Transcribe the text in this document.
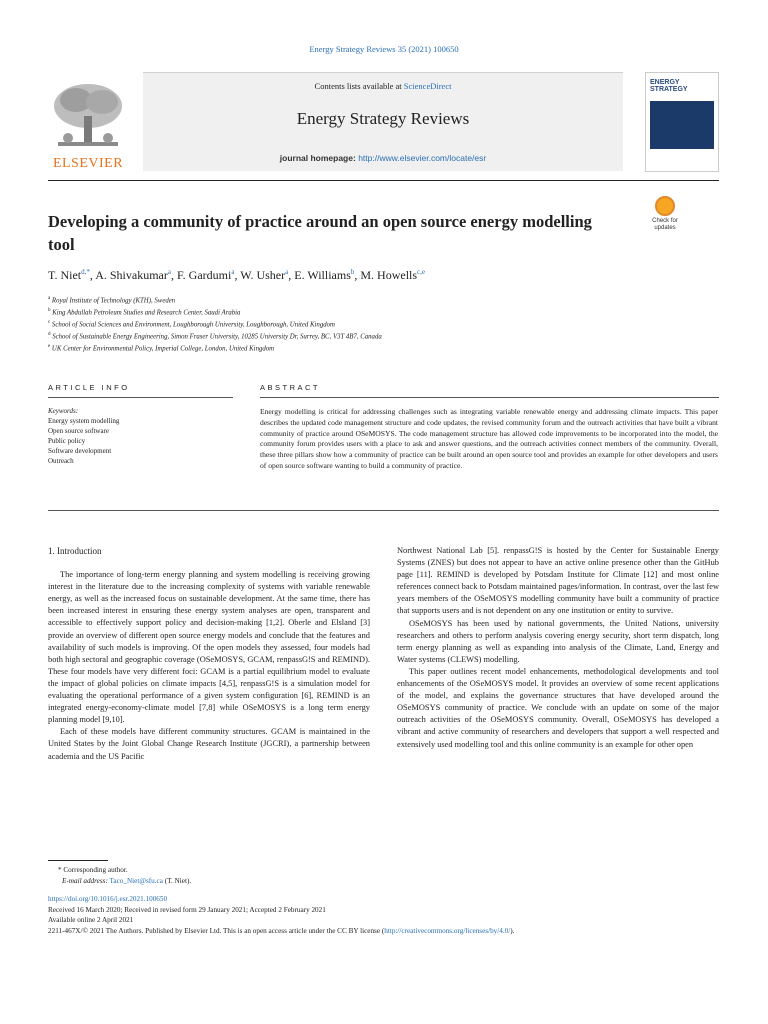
Energy Strategy Reviews 35 (2021) 100650
ELSEVIER
Contents lists available at ScienceDirect
Energy Strategy Reviews
journal homepage: http://www.elsevier.com/locate/esr
ENERGY STRATEGY
Developing a community of practice around an open source energy modelling tool
Check for updates
T. Niet$^{d,*}$, A. Shivakumar$^a$, F. Gardumi$^a$, W. Usher$^a$, E. Williams$^b$, M. Howells$^{c,e}$
$^a$ Royal Institute of Technology (KTH), Sweden
$^b$ King Abdullah Petroleum Studies and Research Center, Saudi Arabia
$^c$ School of Social Sciences and Environment, Loughborough University, Loughborough, United Kingdom
$^d$ School of Sustainable Energy Engineering, Simon Fraser University, 10285 University Dr, Surrey, BC, V3T 4B7, Canada
$^e$ UK Center for Environmental Policy, Imperial College, London, United Kingdom
ARTICLE INFO	ABSTRACT
Keywords:
Energy system modelling
Open source software
Public policy
Software development
Outreach
Energy modelling is critical for addressing challenges such as integrating variable renewable energy and addressing climate impacts. This paper describes the updated code management structure and code updates, the revised community forum and the outreach activities that have built a vibrant community of practice around OSeMOSYS. The code management structure has allowed code improvements to be incorporated into the model, the community forum provides users with a place to ask and answer questions, and the outreach activities connect members of the community. Overall, these three pillars show how a community of practice can be built around an open source tool and provides an example for other developers and users of open source software wanting to build a community of practice.

1. Introduction

The importance of long-term energy planning and system modelling is receiving growing interest in the literature due to the increasing complexity of systems with variable renewable energy, as well as the increased focus on sustainable development. At the same time, there has been increased interest in ensuring these energy system analyses are open, transparent and accessible to effectively support policy and decision-making [1,2]. Oberle and Elsland [3] provide an overview of different open source energy models and conclude that the features and availability of such models is improving. Of the open models they assessed, four models had both high sectoral and geographic coverage (OSeMOSYS, GCAM, renpassG!S and REMIND). These four models have very different foci: GCAM is a partial equilibrium model to evaluate the impact of global policies on climate impacts [4,5], renpassG!S is a simulation model for evaluating the operational performance of a given system configuration [6], REMIND is an integrated energy-economy-climate model [7,8] while OSeMOSYS is a long term energy planning model [9,10].

Each of these models have different community structures. GCAM is maintained in the United States by the Joint Global Change Research Institute (JGCRI), a partnership between academia and the US Pacific

Northwest National Lab [5]. renpassG!S is hosted by the Center for Sustainable Energy Systems (ZNES) but does not appear to have an active online presence other than the GitHub page [11]. REMIND is developed by Potsdam Institute for Climate [12] and most online references connect back to Potsdam maintained pages/information. In contrast, over the last few years members of the OSeMOSYS modelling community have built a community of practice that supports users and is not dependent on any one institution or entity to survive.

OSeMOSYS has been used by national governments, the United Nations, university researchers and others to perform analysis covering energy security, short term dispatch, long term energy planning as well as expanding into analysis of the Climate, Land, Energy and Water systems (CLEWS) modelling.

This paper outlines recent model enhancements, methodological developments and tool enhancements of the OSeMOSYS model. It provides an overview of some recent applications of the model, and explains the governance structures that have developed around the OSeMOSYS community of practice. We conclude with an update on some of the major outreach activities of the OSeMOSYS community. Overall, OSeMOSYS has developed a vibrant and active community of researchers and developers that support a well respected and extensively used modelling tool and this online community is an example for other open

* Corresponding author.
E-mail address: Taco_Niet@sfu.ca (T. Niet).
https://doi.org/10.1016/j.esr.2021.100650
Received 16 March 2020; Received in revised form 29 January 2021; Accepted 2 February 2021
Available online 2 April 2021
2211-467X/© 2021 The Authors. Published by Elsevier Ltd. This is an open access article under the CC BY license (http://creativecommons.org/licenses/by/4.0/).
